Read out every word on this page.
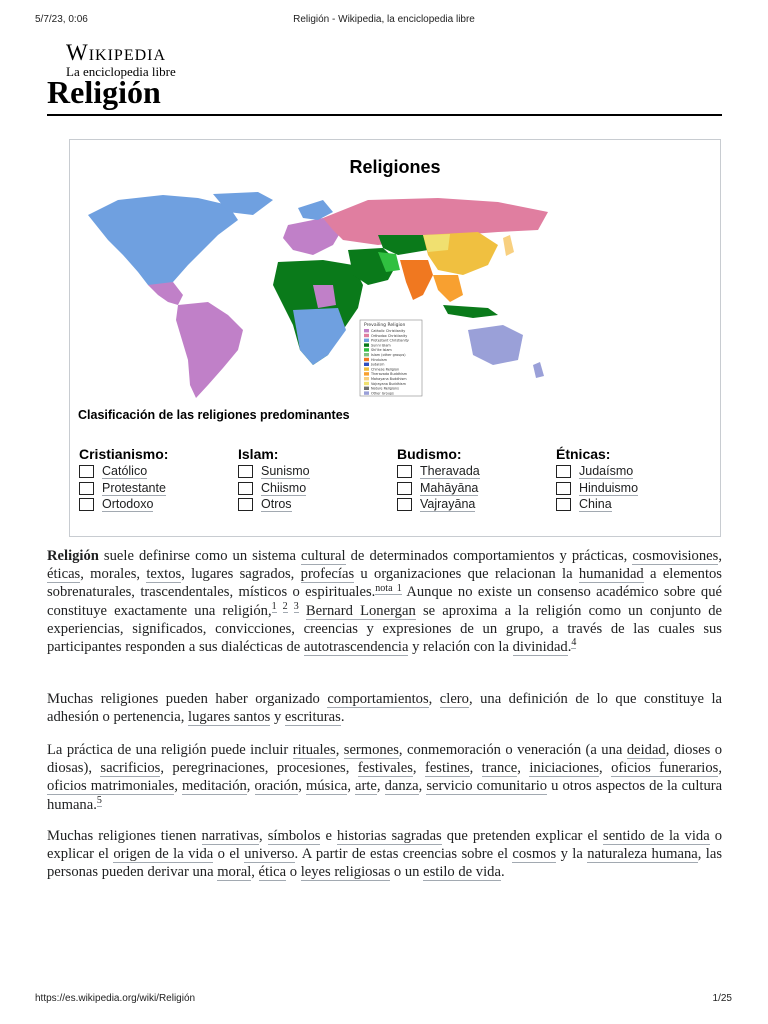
5/7/23, 0:06	Religión - Wikipedia, la enciclopedia libre
Wikipedia
La enciclopedia libre
Religión
Religiones
Prevailing Religion
Catholic Christianity
Orthodox Christianity
Protestant Christianity
Sunni Islam
Shi'ite Islam
Islam (other groups)
Hinduism
Judaism
Chinese Religion
Theravada Buddhism
Mahayana Buddhism
Vajrayana Buddhism
Nature Religions
Other Groups
Clasificación de las religiones predominantes
Cristianismo:
Católico
Protestante
Ortodoxo
Islam:
Sunismo
Chiismo
Otros
Budismo:
Theravada
Mahāyāna
Vajrayāna
Étnicas:
Judaísmo
Hinduismo
China

Religión suele definirse como un sistema cultural de determinados comportamientos y prácticas, cosmovisiones, éticas, morales, textos, lugares sagrados, profecías u organizaciones que relacionan la humanidad a elementos sobrenaturales, trascendentales, místicos o espirituales.$^{nota 1}$ Aunque no existe un consenso académico sobre qué constituye exactamente una religión,$^{1 2 3}$ Bernard Lonergan se aproxima a la religión como un conjunto de experiencias, significados, convicciones, creencias y expresiones de un grupo, a través de las cuales sus participantes responden a sus dialécticas de autotrascendencia y relación con la divinidad.$^4$

Muchas religiones pueden haber organizado comportamientos, clero, una definición de lo que constituye la adhesión o pertenencia, lugares santos y escrituras.

La práctica de una religión puede incluir rituales, sermones, conmemoración o veneración (a una deidad, dioses o diosas), sacrificios, peregrinaciones, procesiones, festivales, festines, trance, iniciaciones, oficios funerarios, oficios matrimoniales, meditación, oración, música, arte, danza, servicio comunitario u otros aspectos de la cultura humana.$^5$

Muchas religiones tienen narrativas, símbolos e historias sagradas que pretenden explicar el sentido de la vida o explicar el origen de la vida o el universo. A partir de estas creencias sobre el cosmos y la naturaleza humana, las personas pueden derivar una moral, ética o leyes religiosas o un estilo de vida.

https://es.wikipedia.org/wiki/Religión	1/25
